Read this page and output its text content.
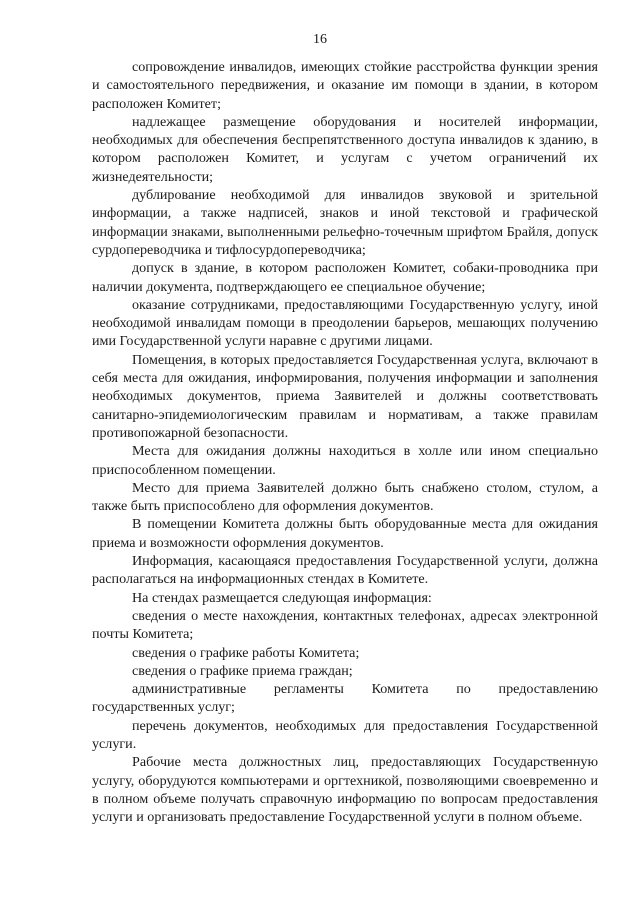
16

сопровождение инвалидов, имеющих стойкие расстройства функции зрения и самостоятельного передвижения, и оказание им помощи в здании, в котором расположен Комитет;

надлежащее размещение оборудования и носителей информации, необходимых для обеспечения беспрепятственного доступа инвалидов к зданию, в котором расположен Комитет, и услугам с учетом ограничений их жизнедеятельности;

дублирование необходимой для инвалидов звуковой и зрительной информации, а также надписей, знаков и иной текстовой и графической информации знаками, выполненными рельефно-точечным шрифтом Брайля, допуск сурдопереводчика и тифлосурдопереводчика;

допуск в здание, в котором расположен Комитет, собаки-проводника при наличии документа, подтверждающего ее специальное обучение;

оказание сотрудниками, предоставляющими Государственную услугу, иной необходимой инвалидам помощи в преодолении барьеров, мешающих получению ими Государственной услуги наравне с другими лицами.

Помещения, в которых предоставляется Государственная услуга, включают в себя места для ожидания, информирования, получения информации и заполнения необходимых документов, приема Заявителей и должны соответствовать санитарно-эпидемиологическим правилам и нормативам, а также правилам противопожарной безопасности.

Места для ожидания должны находиться в холле или ином специально приспособленном помещении.

Место для приема Заявителей должно быть снабжено столом, стулом, а также быть приспособлено для оформления документов.

В помещении Комитета должны быть оборудованные места для ожидания приема и возможности оформления документов.

Информация, касающаяся предоставления Государственной услуги, должна располагаться на информационных стендах в Комитете.

На стендах размещается следующая информация:

сведения о месте нахождения, контактных телефонах, адресах электронной почты Комитета;

сведения о графике работы Комитета;

сведения о графике приема граждан;

административные регламенты Комитета по предоставлению государственных услуг;

перечень документов, необходимых для предоставления Государственной услуги.

Рабочие места должностных лиц, предоставляющих Государственную услугу, оборудуются компьютерами и оргтехникой, позволяющими своевременно и в полном объеме получать справочную информацию по вопросам предоставления услуги и организовать предоставление Государственной услуги в полном объеме.
